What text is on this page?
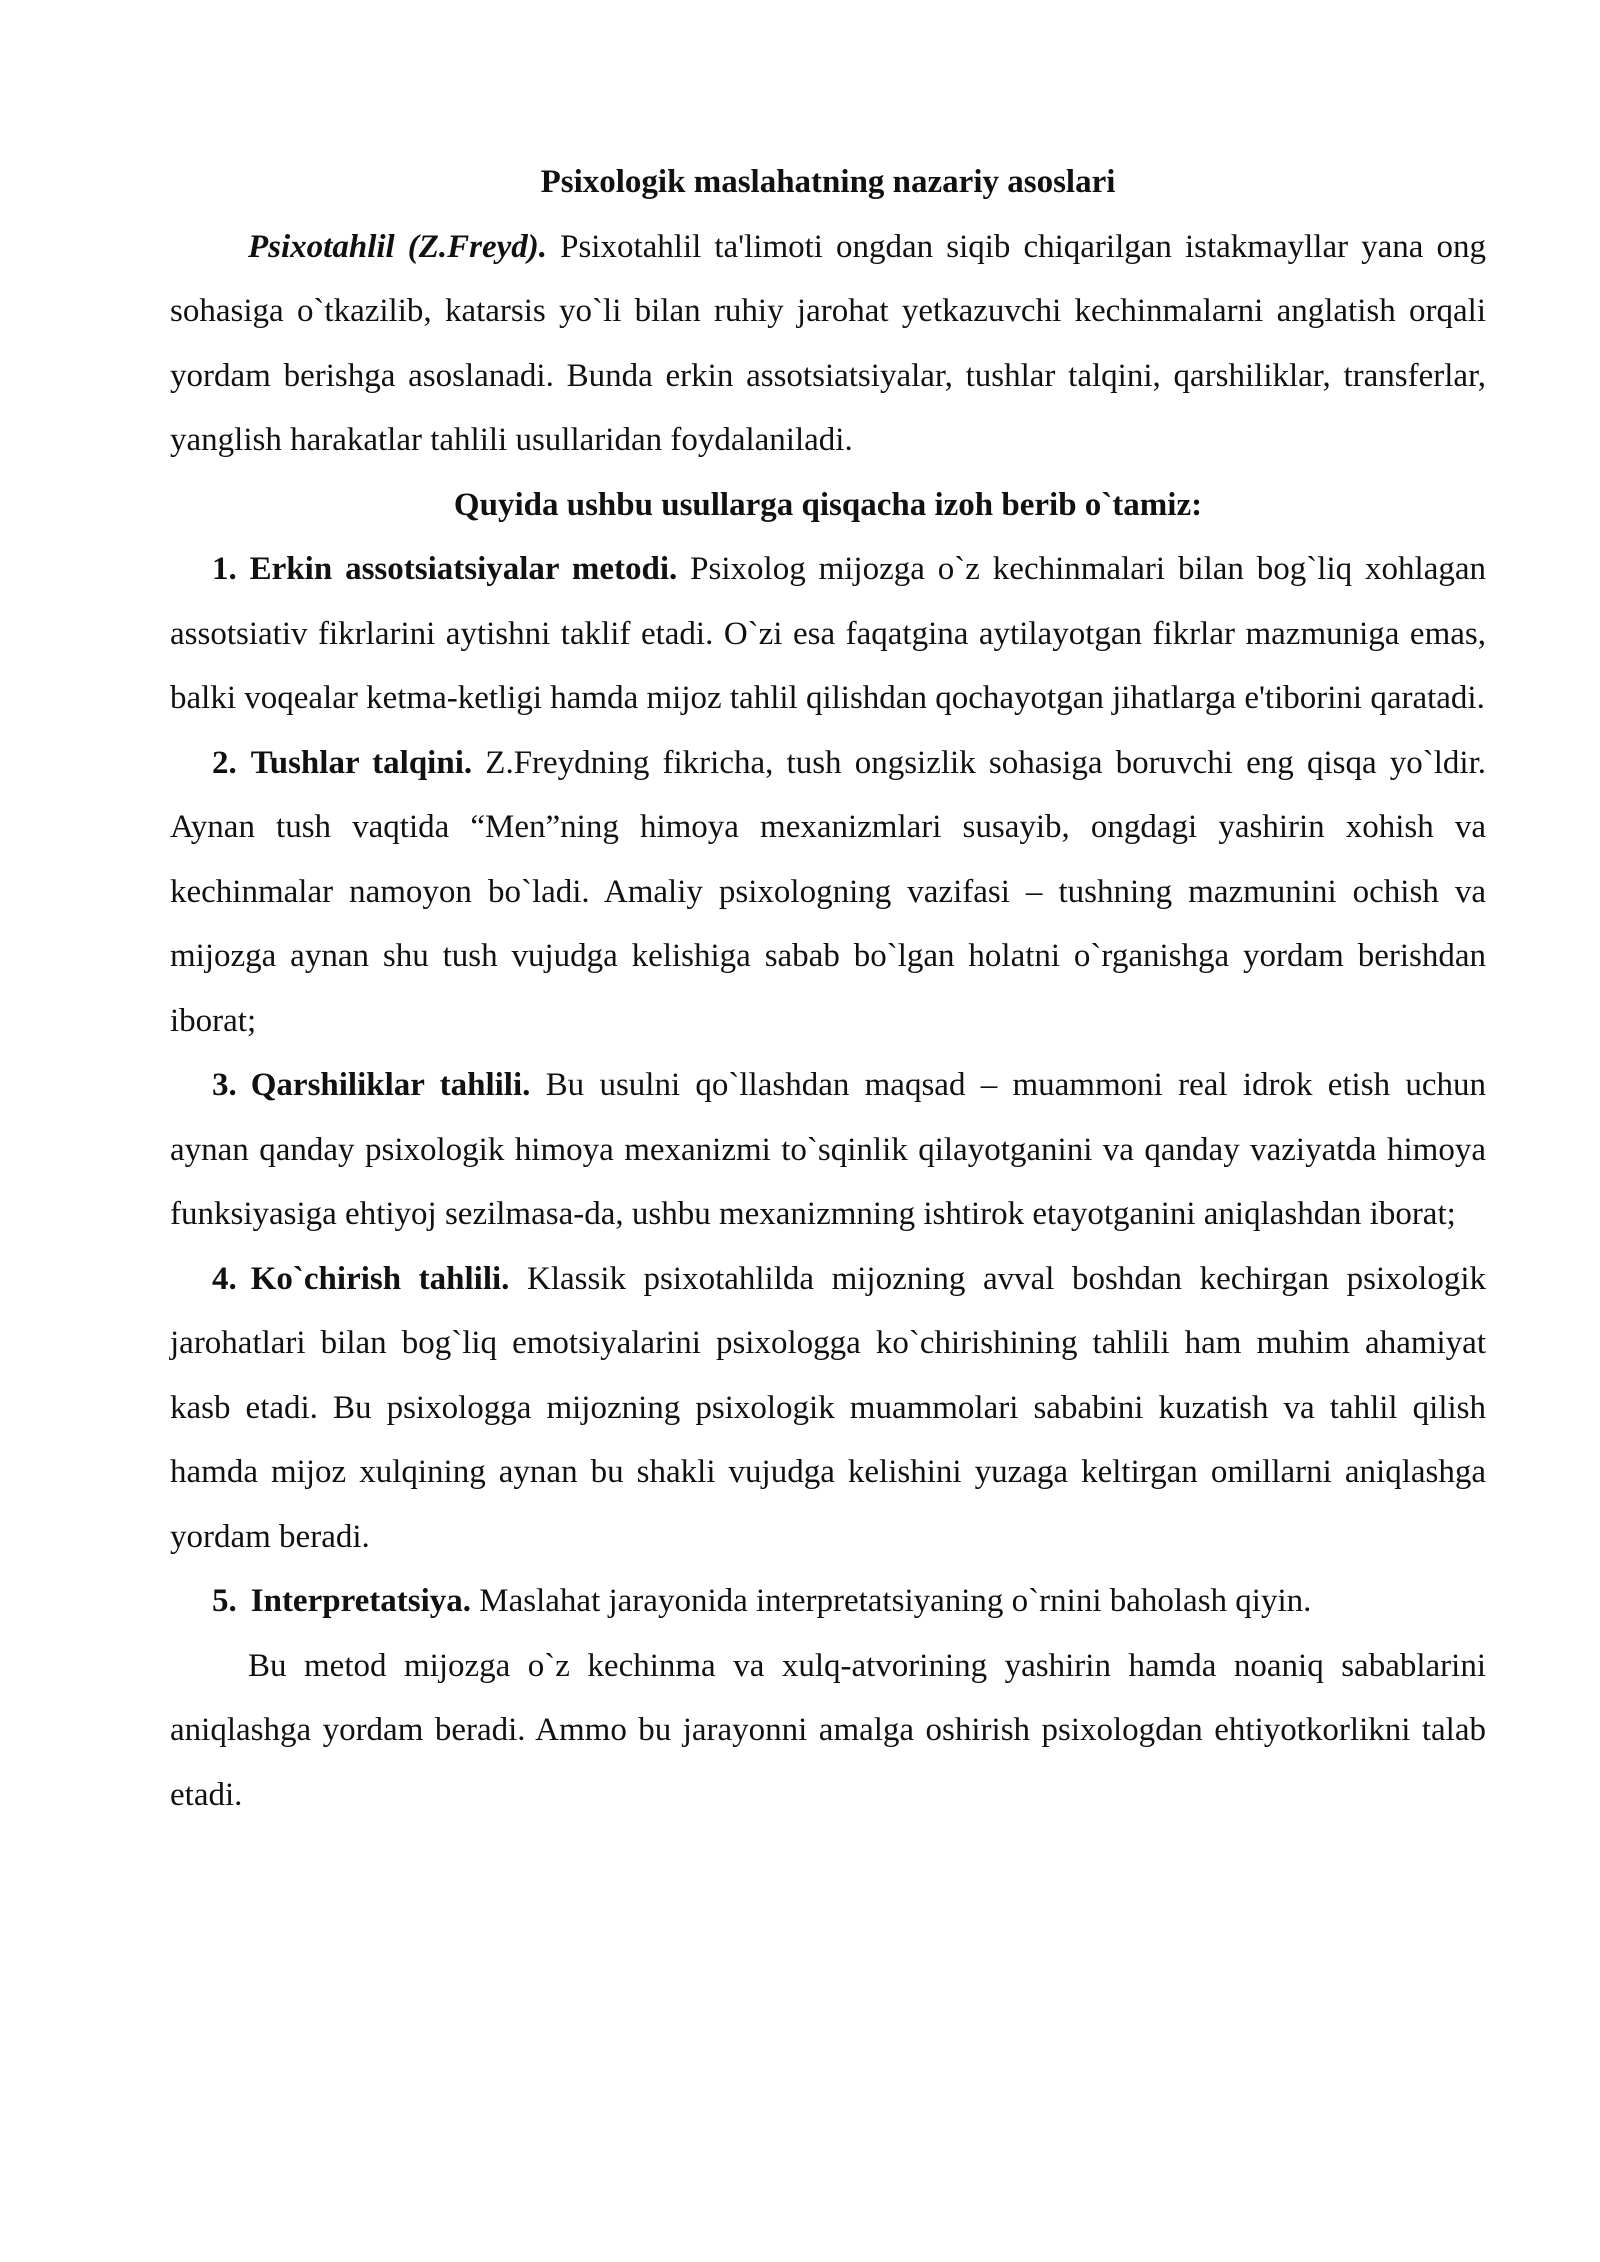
Psixologik maslahatning nazariy asoslari

Psixotahlil (Z.Freyd). Psixotahlil ta'limoti ongdan siqib chiqarilgan istakmayllar yana ong sohasiga o`tkazilib, katarsis yo`li bilan ruhiy jarohat yetkazuvchi kechinmalarni anglatish orqali yordam berishga asoslanadi. Bunda erkin assotsiatsiyalar, tushlar talqini, qarshiliklar, transferlar, yanglish harakatlar tahlili usullaridan foydalaniladi.

Quyida ushbu usullarga qisqacha izoh berib o`tamiz:

1. Erkin assotsiatsiyalar metodi. Psixolog mijozga o`z kechinmalari bilan bog`liq xohlagan assotsiativ fikrlarini aytishni taklif etadi. O`zi esa faqatgina aytilayotgan fikrlar mazmuniga emas, balki voqealar ketma-ketligi hamda mijoz tahlil qilishdan qochayotgan jihatlarga e'tiborini qaratadi.

2. Tushlar talqini. Z.Freydning fikricha, tush ongsizlik sohasiga boruvchi eng qisqa yo`ldir. Aynan tush vaqtida “Men”ning himoya mexanizmlari susayib, ongdagi yashirin xohish va kechinmalar namoyon bo`ladi. Amaliy psixologning vazifasi – tushning mazmunini ochish va mijozga aynan shu tush vujudga kelishiga sabab bo`lgan holatni o`rganishga yordam berishdan iborat;

3. Qarshiliklar tahlili. Bu usulni qo`llashdan maqsad – muammoni real idrok etish uchun aynan qanday psixologik himoya mexanizmi to`sqinlik qilayotganini va qanday vaziyatda himoya funksiyasiga ehtiyoj sezilmasa-da, ushbu mexanizmning ishtirok etayotganini aniqlashdan iborat;

4. Ko`chirish tahlili. Klassik psixotahlilda mijozning avval boshdan kechirgan psixologik jarohatlari bilan bog`liq emotsiyalarini psixologga ko`chirishining tahlili ham muhim ahamiyat kasb etadi. Bu psixologga mijozning psixologik muammolari sababini kuzatish va tahlil qilish hamda mijoz xulqining aynan bu shakli vujudga kelishini yuzaga keltirgan omillarni aniqlashga yordam beradi.

5. Interpretatsiya. Maslahat jarayonida interpretatsiyaning o`rnini baholash qiyin.

Bu metod mijozga o`z kechinma va xulq-atvorining yashirin hamda noaniq sabablarini aniqlashga yordam beradi. Ammo bu jarayonni amalga oshirish psixologdan ehtiyotkorlikni talab etadi.
